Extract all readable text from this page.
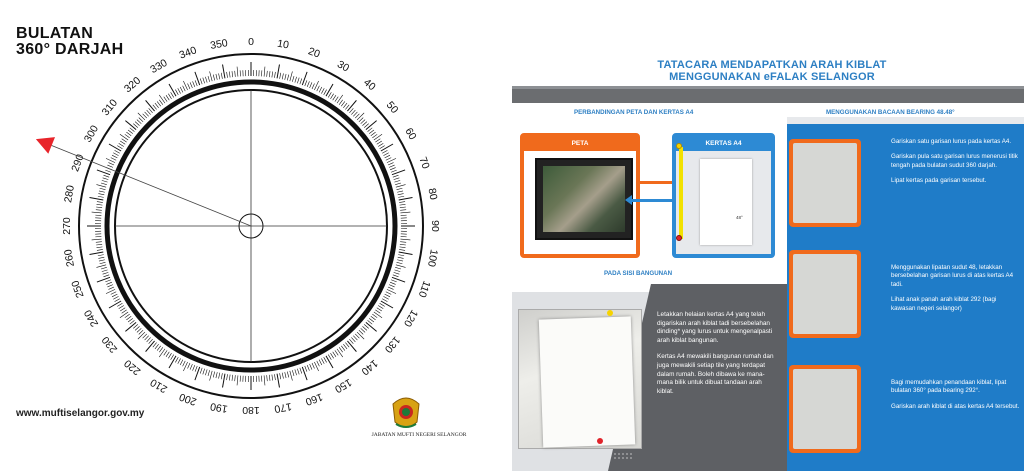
BULATAN
360° DARJAH	0 10
20
30
40
50
60
70
80
90
100
110
120
130
140
150
160
170
180
190
200
210
220
230
240
250
260
270
280
290
300
310
320
330
340 350
www.muftiselangor.gov.my
JABATAN MUFTI NEGERI SELANGOR
TATACARA MENDAPATKAN ARAH KIBLAT
MENGGUNAKAN eFALAK SELANGOR
PERBANDINGAN PETA DAN KERTAS A4	MENGGUNAKAN BACAAN BEARING 48.48°
PETA	KERTAS A4
48°
PADA SISI BANGUNAN

Letakkan helaian kertas A4 yang telah digariskan arah kiblat tadi bersebelahan dinding* yang lurus untuk mengenalpasti arah kiblat bangunan.

Kertas A4 mewakili bangunan rumah dan juga mewakili setiap tile yang terdapat dalam rumah. Boleh dibawa ke mana-mana bilik untuk dibuat tandaan arah kiblat.

Gariskan satu garisan lurus pada kertas A4.

Gariskan pula satu garisan lurus menerusi titik tengah pada bulatan sudut 360 darjah.

Lipat kertas pada garisan tersebut.

Menggunakan lipatan sudut 48, letakkan bersebelahan garisan lurus di atas kertas A4 tadi.

Lihat anak panah arah kiblat 292 (bagi kawasan negeri selangor)

Bagi memudahkan penandaan kiblat, lipat bulatan 360° pada bearing 292°.

Gariskan arah kiblat di atas kertas A4 tersebut.
